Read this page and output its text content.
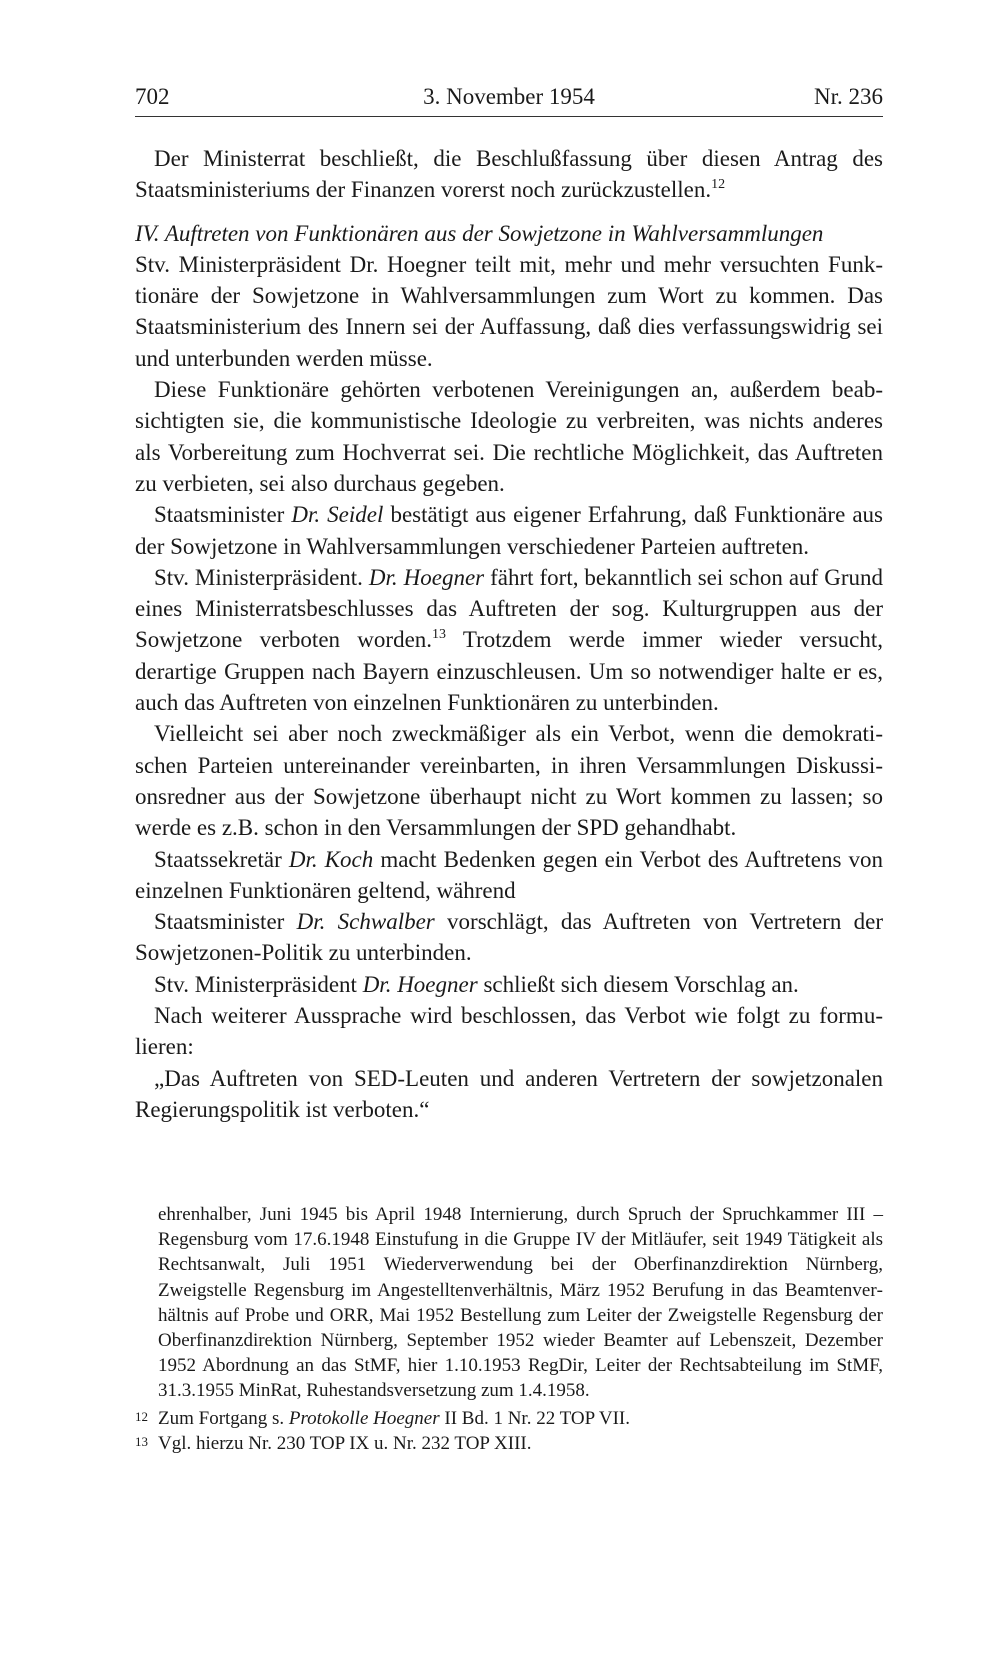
702	3. November 1954	Nr. 236

Der Ministerrat beschließt, die Beschlußfassung über diesen Antrag des Staatsministeriums der Finanzen vorerst noch zurückzustellen.$^{12}$

IV. Auftreten von Funktionären aus der Sowjetzone in Wahlversammlungen

Stv. Ministerpräsident Dr. Hoegner teilt mit, mehr und mehr versuchten Funktionäre der Sowjetzone in Wahlversammlungen zum Wort zu kommen. Das Staatsministerium des Innern sei der Auffassung, daß dies verfassungswidrig sei und unterbunden werden müsse.

Diese Funktionäre gehörten verbotenen Vereinigungen an, außerdem beabsichtigten sie, die kommunistische Ideologie zu verbreiten, was nichts anderes als Vorbereitung zum Hochverrat sei. Die rechtliche Möglichkeit, das Auftreten zu verbieten, sei also durchaus gegeben.

Staatsminister Dr. Seidel bestätigt aus eigener Erfahrung, daß Funktionäre aus der Sowjetzone in Wahlversammlungen verschiedener Parteien auftreten.

Stv. Ministerpräsident. Dr. Hoegner fährt fort, bekanntlich sei schon auf Grund eines Ministerratsbeschlusses das Auftreten der sog. Kulturgruppen aus der Sowjetzone verboten worden.$^{13}$ Trotzdem werde immer wieder versucht, derartige Gruppen nach Bayern einzuschleusen. Um so notwendiger halte er es, auch das Auftreten von einzelnen Funktionären zu unterbinden.

Vielleicht sei aber noch zweckmäßiger als ein Verbot, wenn die demokratischen Parteien untereinander vereinbarten, in ihren Versammlungen Diskussionsredner aus der Sowjetzone überhaupt nicht zu Wort kommen zu lassen; so werde es z.B. schon in den Versammlungen der SPD gehandhabt.

Staatssekretär Dr. Koch macht Bedenken gegen ein Verbot des Auftretens von einzelnen Funktionären geltend, während

Staatsminister Dr. Schwalber vorschlägt, das Auftreten von Vertretern der Sowjetzonen-Politik zu unterbinden.

Stv. Ministerpräsident Dr. Hoegner schließt sich diesem Vorschlag an.

Nach weiterer Aussprache wird beschlossen, das Verbot wie folgt zu formulieren:

„Das Auftreten von SED-Leuten und anderen Vertretern der sowjetzonalen Regierungspolitik ist verboten.“

ehrenhalber, Juni 1945 bis April 1948 Internierung, durch Spruch der Spruchkammer III – Regensburg vom 17.6.1948 Einstufung in die Gruppe IV der Mitläufer, seit 1949 Tätigkeit als Rechtsanwalt, Juli 1951 Wiederverwendung bei der Oberfinanzdirektion Nürnberg, Zweigstelle Regensburg im Angestelltenverhältnis, März 1952 Berufung in das Beamtenverhältnis auf Probe und ORR, Mai 1952 Bestellung zum Leiter der Zweigstelle Regensburg der Oberfinanzdirektion Nürnberg, September 1952 wieder Beamter auf Lebenszeit, Dezember 1952 Abordnung an das StMF, hier 1.10.1953 RegDir, Leiter der Rechtsabteilung im StMF, 31.3.1955 MinRat, Ruhestandsversetzung zum 1.4.1958.

12 Zum Fortgang s. Protokolle Hoegner II Bd. 1 Nr. 22 TOP VII.

13 Vgl. hierzu Nr. 230 TOP IX u. Nr. 232 TOP XIII.
